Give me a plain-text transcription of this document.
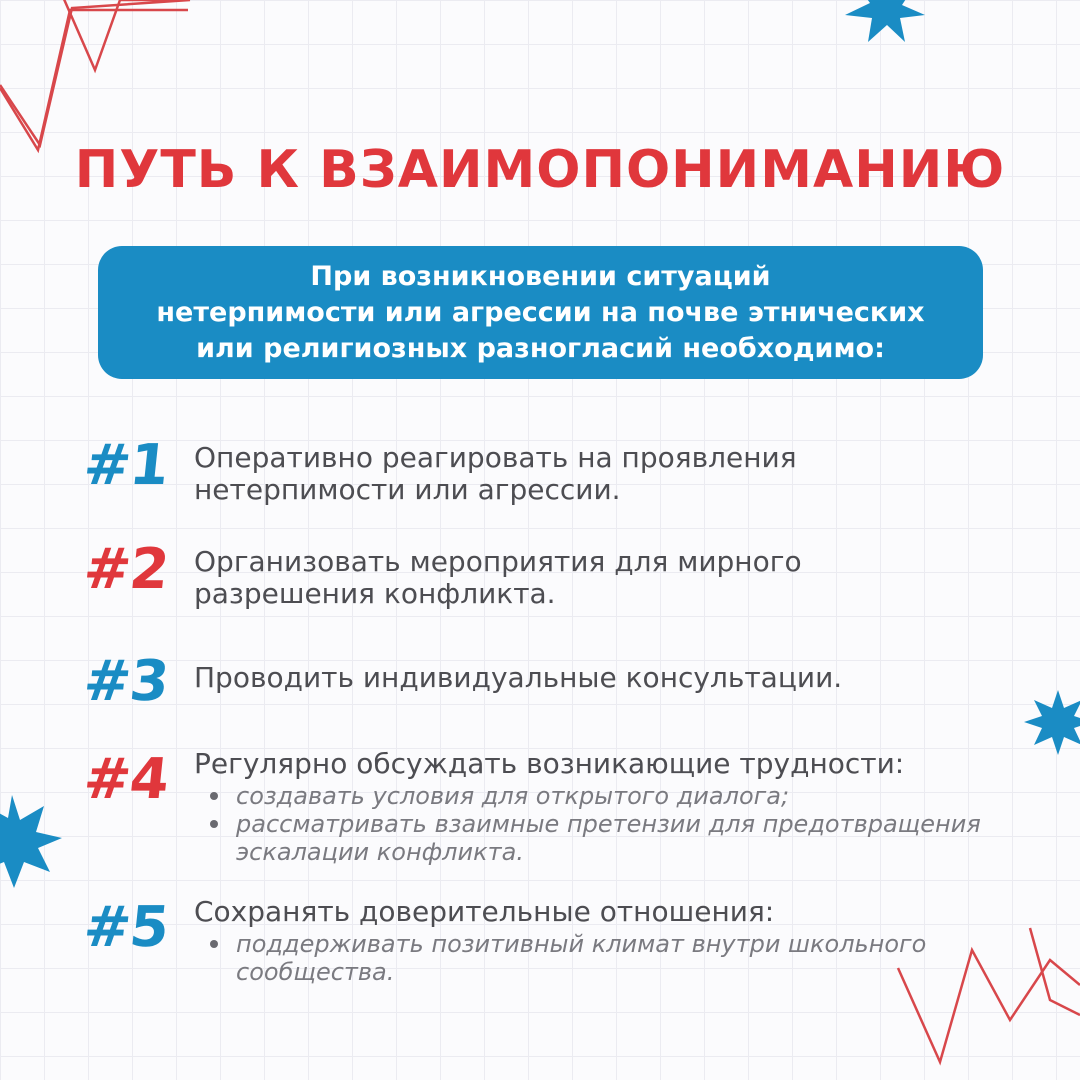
ПУТЬ К ВЗАИМОПОНИМАНИЮ
При возникновении ситуаций
нетерпимости или агрессии на почве этнических
или религиозных разногласий необходимо:
#1 Оперативно реагировать на проявления
нетерпимости или агрессии.
#2 Организовать мероприятия для мирного
разрешения конфликта.
#3 Проводить индивидуальные консультации.
#4 Регулярно обсуждать возникающие трудности:
создавать условия для открытого диалога;
рассматривать взаимные претензии для предотвращения
эскалации конфликта.
#5 Сохранять доверительные отношения:
поддерживать позитивный климат внутри школьного
сообщества.
